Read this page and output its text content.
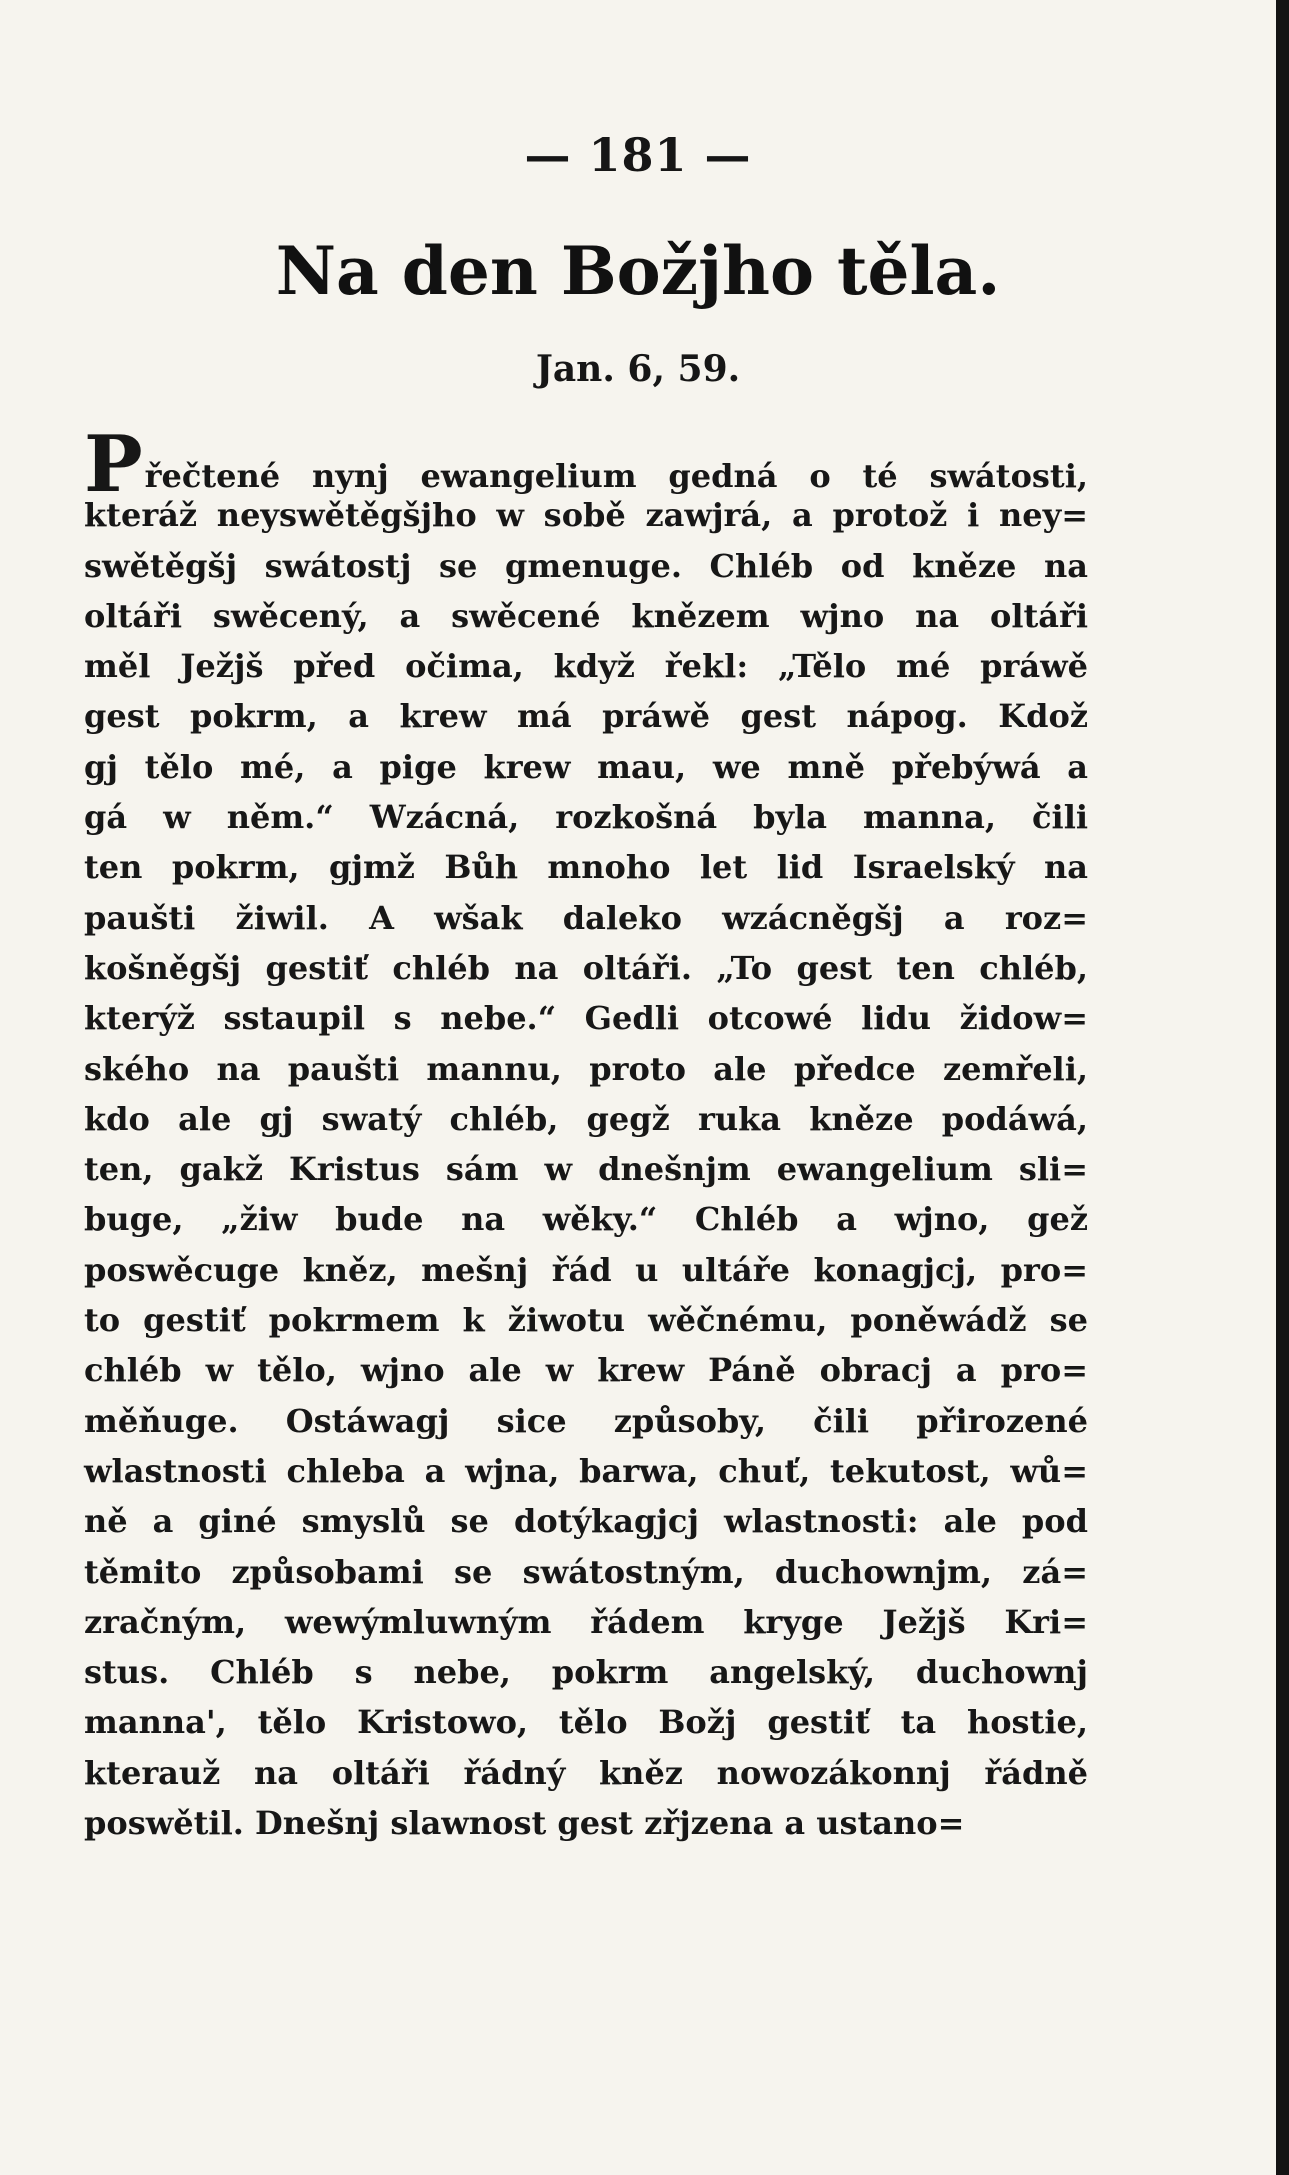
— 181 —
Na den Božjho těla.
Jan. 6, 59.
Přečtené nynj ewangelium gedná o té swátosti,
kteráž neyswětěgšjho w sobě zawjrá, a protož i ney=
swětěgšj swátostj se gmenuge. Chléb od kněze na
oltáři swěcený, a swěcené knězem wjno na oltáři
měl Ježjš před očima, když řekl: „Tělo mé práwě
gest pokrm, a krew má práwě gest nápog. Kdož
gj tělo mé, a pige krew mau, we mně přebýwá a
gá w něm.“ Wzácná, rozkošná byla manna, čili
ten pokrm, gjmž Bůh mnoho let lid Israelský na
paušti žiwil. A wšak daleko wzácněgšj a roz=
košněgšj gestiť chléb na oltáři. „To gest ten chléb,
kterýž sstaupil s nebe.“ Gedli otcowé lidu židow=
ského na paušti mannu, proto ale předce zemřeli,
kdo ale gj swatý chléb, gegž ruka kněze podáwá,
ten, gakž Kristus sám w dnešnjm ewangelium sli=
buge, „žiw bude na wěky.“ Chléb a wjno, gež
poswěcuge kněz, mešnj řád u ultáře konagjcj, pro=
to gestiť pokrmem k žiwotu wěčnému, poněwádž se
chléb w tělo, wjno ale w krew Páně obracj a pro=
měňuge. Ostáwagj sice způsoby, čili přirozené
wlastnosti chleba a wjna, barwa, chuť, tekutost, wů=
ně a giné smyslů se dotýkagjcj wlastnosti: ale pod
těmito způsobami se swátostným, duchownjm, zá=
zračným, wewýmluwným řádem kryge Ježjš Kri=
stus. Chléb s nebe, pokrm angelský, duchownj
manna', tělo Kristowo, tělo Božj gestiť ta hostie,
kterauž na oltáři řádný kněz nowozákonnj řádně
poswětil. Dnešnj slawnost gest zřjzena a ustano=
